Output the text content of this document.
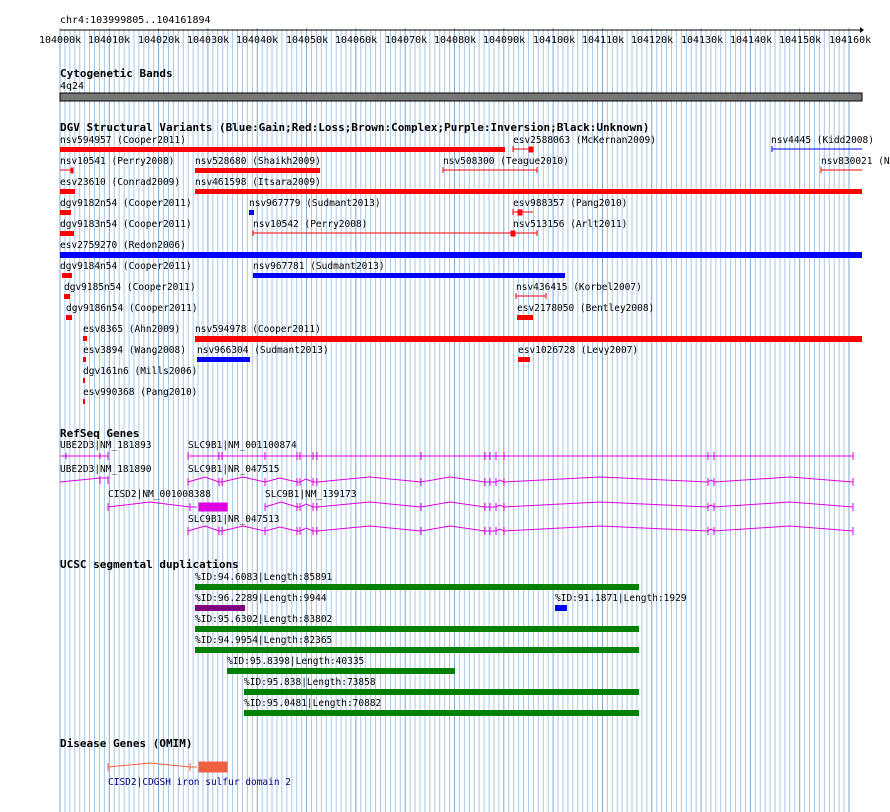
chr4:103999805..104161894
104000k 104010k 104020k 104030k 104040k 104050k 104060k 104070k 104080k 104090k 104100k 104110k 104120k 104130k 104140k 104150k 104160k
Cytogenetic Bands
4q24
DGV Structural Variants (Blue:Gain;Red:Loss;Brown:Complex;Purple:Inversion;Black:Unknown)
RefSeq Genes
UCSC segmental duplications
Disease Genes (OMIM)
nsv594957 (Cooper2011)	esv2588063 (McKernan2009)	nsv4445 (Kidd2008)
nsv10541 (Perry2008) nsv528680 (Shaikh2009)	nsv508300 (Teague2010)	nsv830021 (N
esv23610 (Conrad2009) nsv461598 (Itsara2009)
dgv9182n54 (Cooper2011)	nsv967779 (Sudmant2013)	esv988357 (Pang2010)
dgv9183n54 (Cooper2011)	nsv10542 (Perry2008)	nsv513156 (Arlt2011)
esv2759270 (Redon2006)
dgv9184n54 (Cooper2011)	nsv967781 (Sudmant2013)
dgv9185n54 (Cooper2011)	nsv436415 (Korbel2007)
dgv9186n54 (Cooper2011)	esv2178050 (Bentley2008)
esv8365 (Ahn2009) nsv594978 (Cooper2011)
esv3894 (Wang2008) nsv966304 (Sudmant2013)	esv1026728 (Levy2007)
dgv161n6 (Mills2006)
esv990368 (Pang2010)
UBE2D3|NM_181893	SLC9B1|NM_001100874
UBE2D3|NM_181890	SLC9B1|NR_047515
CISD2|NM_001008388	SLC9B1|NM_139173
SLC9B1|NR_047513
%ID:94.6083|Length:85891
%ID:96.2289|Length:9944	%ID:91.1871|Length:1929
%ID:95.6302|Length:83802
%ID:94.9954|Length:82365
%ID:95.8398|Length:40335
%ID:95.838|Length:73858
%ID:95.0481|Length:70882
CISD2|CDGSH iron sulfur domain 2
